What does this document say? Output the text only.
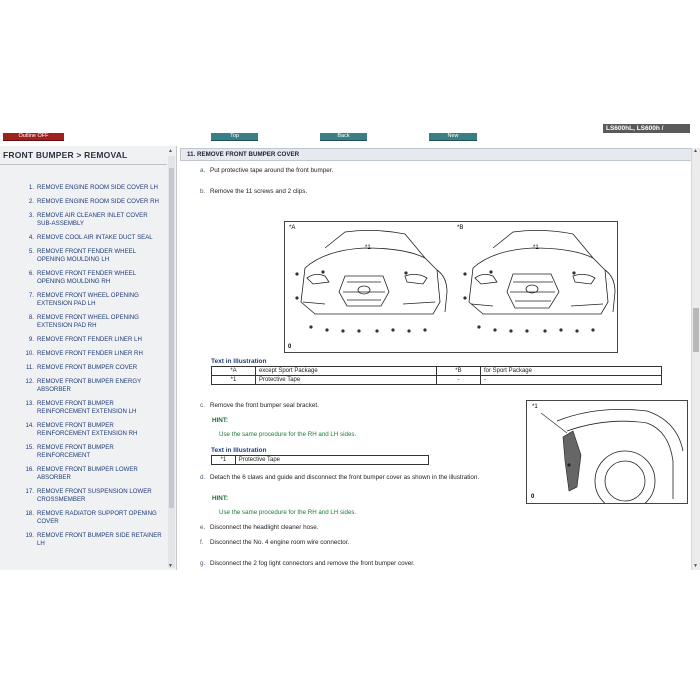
Outline OFF	Top	Back	New
LS600hL, LS600h /
FRONT BUMPER > REMOVAL
1. REMOVE ENGINE ROOM SIDE COVER LH
2. REMOVE ENGINE ROOM SIDE COVER RH
3. REMOVE AIR CLEANER INLET COVER SUB-ASSEMBLY
4. REMOVE COOL AIR INTAKE DUCT SEAL
5. REMOVE FRONT FENDER WHEEL OPENING MOULDING LH
6. REMOVE FRONT FENDER WHEEL OPENING MOULDING RH
7. REMOVE FRONT WHEEL OPENING EXTENSION PAD LH
8. REMOVE FRONT WHEEL OPENING EXTENSION PAD RH
9. REMOVE FRONT FENDER LINER LH
10. REMOVE FRONT FENDER LINER RH
11. REMOVE FRONT BUMPER COVER
12. REMOVE FRONT BUMPER ENERGY ABSORBER
13. REMOVE FRONT BUMPER REINFORCEMENT EXTENSION LH
14. REMOVE FRONT BUMPER REINFORCEMENT EXTENSION RH
15. REMOVE FRONT BUMPER REINFORCEMENT
16. REMOVE FRONT BUMPER LOWER ABSORBER
17. REMOVE FRONT SUSPENSION LOWER CROSSMEMBER
18. REMOVE RADIATOR SUPPORT OPENING COVER
19. REMOVE FRONT BUMPER SIDE RETAINER LH
11. REMOVE FRONT BUMPER COVER
a. Put protective tape around the front bumper.
b. Remove the 11 screws and 2 clips.
*A	*B
*1	*1
0
Text in Illustration
*A	except Sport Package	*B	for Sport Package
*1	Protective Tape	-	-
c. Remove the front bumper seal bracket.
HINT:
Use the same procedure for the RH and LH sides.
Text in Illustration
*1	Protective Tape
*1
0
d. Detach the 6 claws and guide and disconnect the front bumper cover as shown in the illustration.
HINT:
Use the same procedure for the RH and LH sides.
e. Disconnect the headlight cleaner hose.
f. Disconnect the No. 4 engine room wire connector.
g. Disconnect the 2 fog light connectors and remove the front bumper cover.
▲
▼
▲
▼
